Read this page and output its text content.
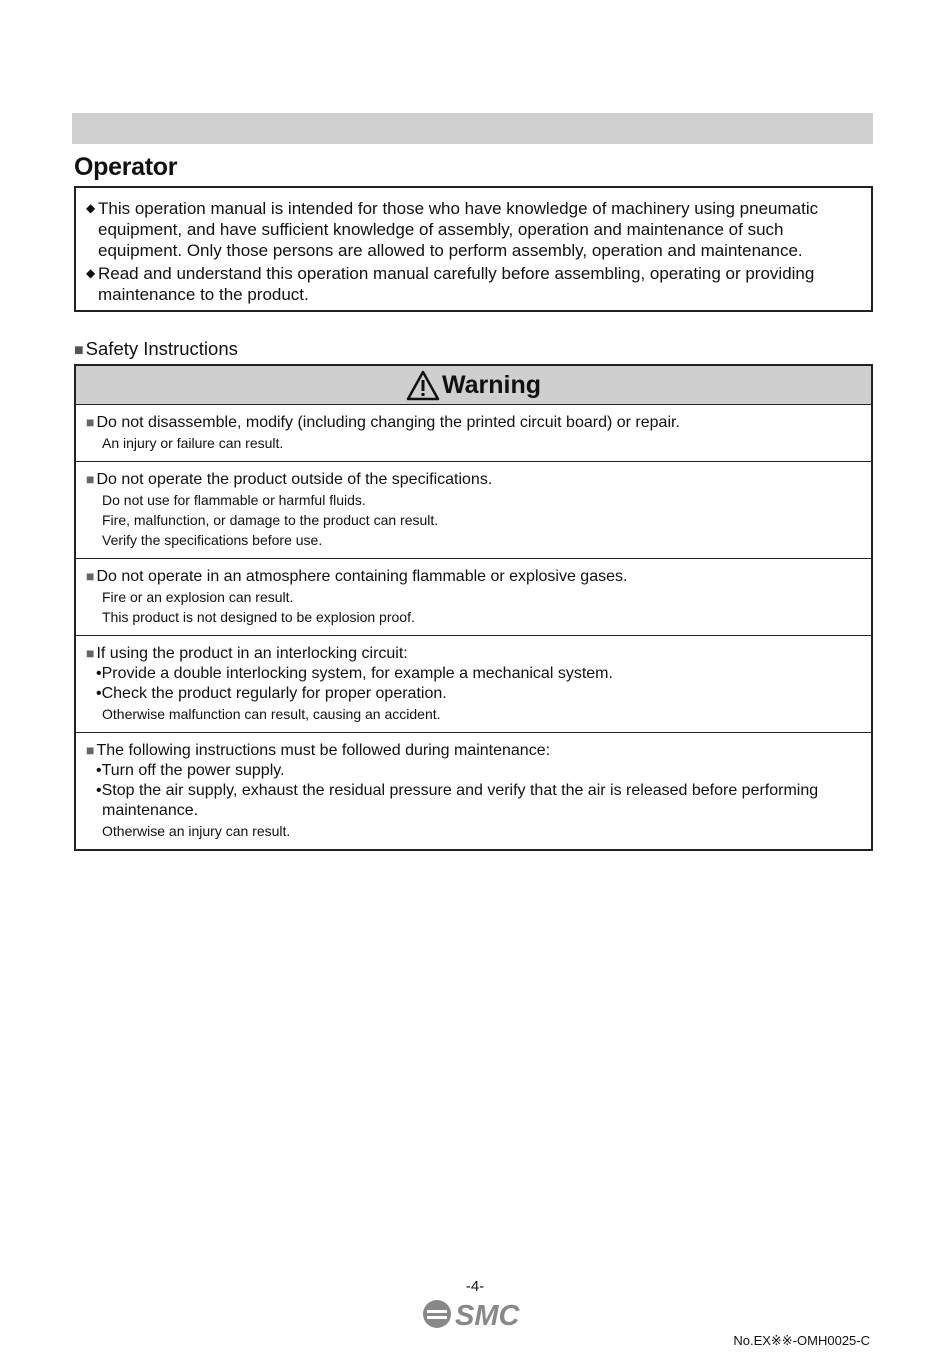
Operator
◆ This operation manual is intended for those who have knowledge of machinery using pneumatic
equipment, and have sufficient knowledge of assembly, operation and maintenance of such
equipment. Only those persons are allowed to perform assembly, operation and maintenance.
◆ Read and understand this operation manual carefully before assembling, operating or providing
maintenance to the product.
■ Safety Instructions
Warning
■ Do not disassemble, modify (including changing the printed circuit board) or repair.
An injury or failure can result.
■ Do not operate the product outside of the specifications.
Do not use for flammable or harmful fluids.
Fire, malfunction, or damage to the product can result.
Verify the specifications before use.
■ Do not operate in an atmosphere containing flammable or explosive gases.
Fire or an explosion can result.
This product is not designed to be explosion proof.
■ If using the product in an interlocking circuit:
•Provide a double interlocking system, for example a mechanical system.
•Check the product regularly for proper operation.
Otherwise malfunction can result, causing an accident.
■ The following instructions must be followed during maintenance:
•Turn off the power supply.
•Stop the air supply, exhaust the residual pressure and verify that the air is released before performing maintenance.
Otherwise an injury can result.
-4-
SMC
No.EX※※-OMH0025-C
